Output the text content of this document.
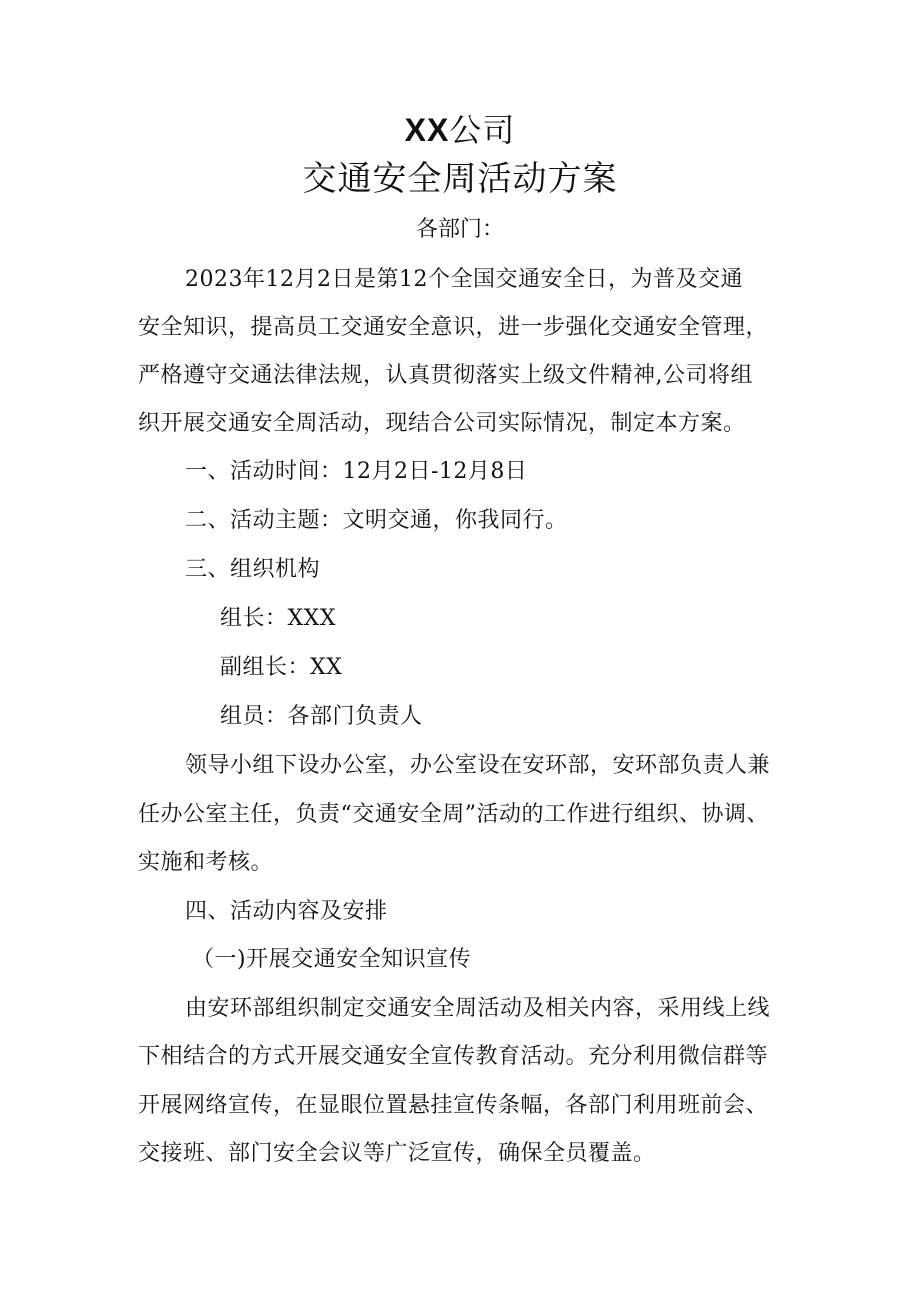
XX公司
交通安全周活动方案
各部门：
2023年12月2日是第12个全国交通安全日，为普及交通
安全知识，提高员工交通安全意识，进一步强化交通安全管理，
严格遵守交通法律法规，认真贯彻落实上级文件精神,公司将组
织开展交通安全周活动，现结合公司实际情况，制定本方案。
一、活动时间：12月2日-12月8日
二、活动主题：文明交通，你我同行。
三、组织机构
组长：XXX
副组长：XX
组员：各部门负责人
领导小组下设办公室，办公室设在安环部，安环部负责人兼
任办公室主任，负责“交通安全周”活动的工作进行组织、协调、
实施和考核。
四、活动内容及安排
（一)开展交通安全知识宣传
由安环部组织制定交通安全周活动及相关内容，采用线上线
下相结合的方式开展交通安全宣传教育活动。充分利用微信群等
开展网络宣传，在显眼位置悬挂宣传条幅，各部门利用班前会、
交接班、部门安全会议等广泛宣传，确保全员覆盖。
